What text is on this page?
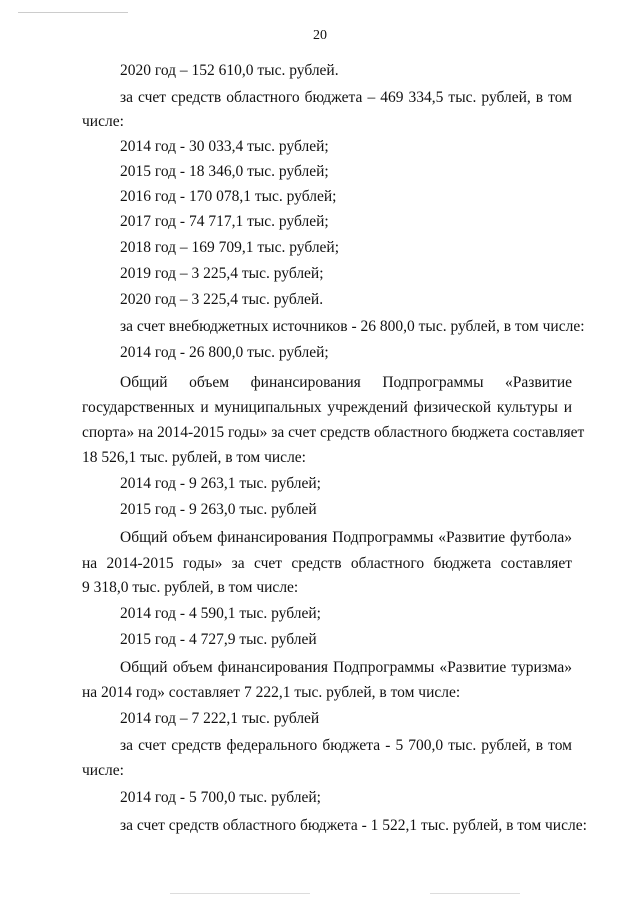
20
2020 год – 152 610,0 тыс. рублей.
за счет средств областного бюджета – 469 334,5 тыс. рублей, в том
числе:
2014 год - 30 033,4 тыс. рублей;
2015 год - 18 346,0 тыс. рублей;
2016 год - 170 078,1 тыс. рублей;
2017 год - 74 717,1 тыс. рублей;
2018 год – 169 709,1 тыс. рублей;
2019 год – 3 225,4 тыс. рублей;
2020 год – 3 225,4 тыс. рублей.
за счет внебюджетных источников - 26 800,0 тыс. рублей, в том числе:
2014 год - 26 800,0 тыс. рублей;
Общий объем финансирования Подпрограммы «Развитие
государственных и муниципальных учреждений физической культуры и
спорта» на 2014-2015 годы» за счет средств областного бюджета составляет
18 526,1 тыс. рублей, в том числе:
2014 год - 9 263,1 тыс. рублей;
2015 год - 9 263,0 тыс. рублей
Общий объем финансирования Подпрограммы «Развитие футбола»
на 2014-2015 годы» за счет средств областного бюджета составляет
9 318,0 тыс. рублей, в том числе:
2014 год - 4 590,1 тыс. рублей;
2015 год - 4 727,9 тыс. рублей
Общий объем финансирования Подпрограммы «Развитие туризма»
на 2014 год» составляет 7 222,1 тыс. рублей, в том числе:
2014 год – 7 222,1 тыс. рублей
за счет средств федерального бюджета - 5 700,0 тыс. рублей, в том
числе:
2014 год - 5 700,0 тыс. рублей;
за счет средств областного бюджета - 1 522,1 тыс. рублей, в том числе:
